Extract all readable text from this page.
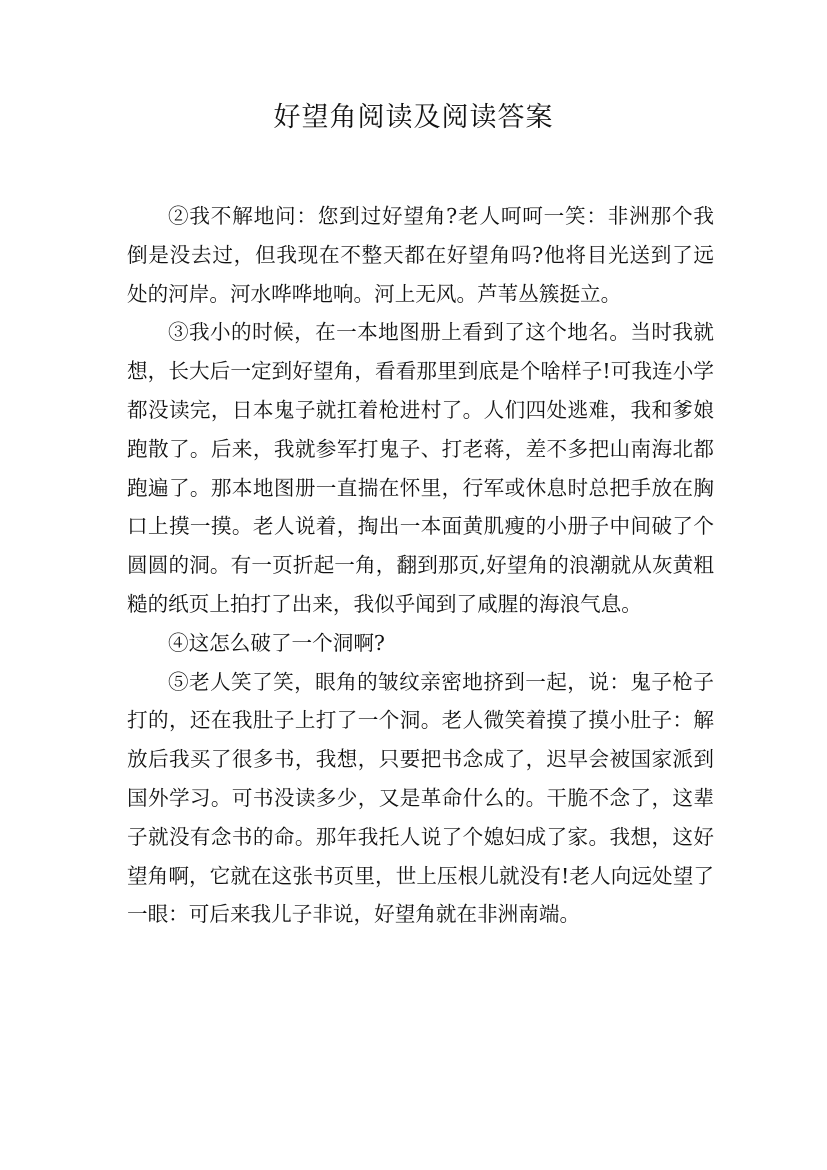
好望角阅读及阅读答案

②我不解地问：您到过好望角?老人呵呵一笑：非洲那个我倒是没去过，但我现在不整天都在好望角吗?他将目光送到了远处的河岸。河水哗哗地响。河上无风。芦苇丛簇挺立。

③我小的时候，在一本地图册上看到了这个地名。当时我就想，长大后一定到好望角，看看那里到底是个啥样子!可我连小学都没读完，日本鬼子就扛着枪进村了。人们四处逃难，我和爹娘跑散了。后来，我就参军打鬼子、打老蒋，差不多把山南海北都跑遍了。那本地图册一直揣在怀里，行军或休息时总把手放在胸口上摸一摸。老人说着，掏出一本面黄肌瘦的小册子中间破了个圆圆的洞。有一页折起一角，翻到那页,好望角的浪潮就从灰黄粗糙的纸页上拍打了出来，我似乎闻到了咸腥的海浪气息。

④这怎么破了一个洞啊?

⑤老人笑了笑，眼角的皱纹亲密地挤到一起，说：鬼子枪子打的，还在我肚子上打了一个洞。老人微笑着摸了摸小肚子：解放后我买了很多书，我想，只要把书念成了，迟早会被国家派到国外学习。可书没读多少，又是革命什么的。干脆不念了，这辈子就没有念书的命。那年我托人说了个媳妇成了家。我想，这好望角啊，它就在这张书页里，世上压根儿就没有!老人向远处望了一眼：可后来我儿子非说，好望角就在非洲南端。
